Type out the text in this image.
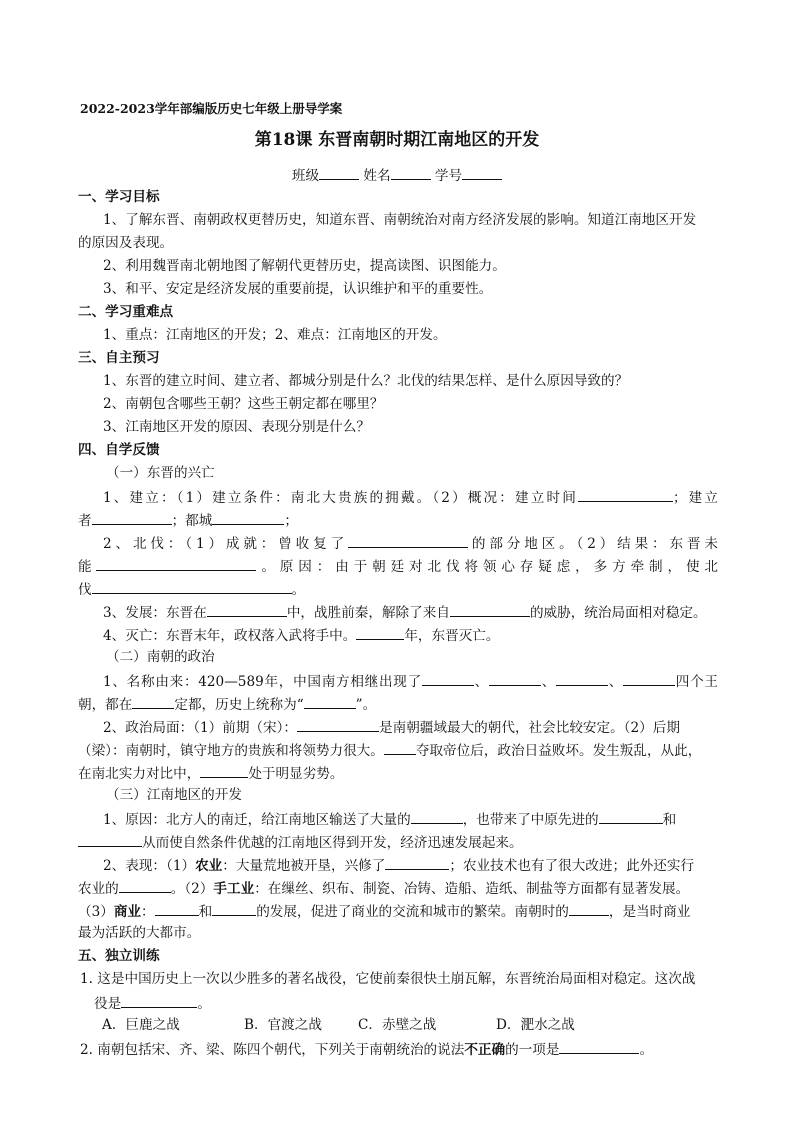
2022-2023学年部编版历史七年级上册导学案
第18课 东晋南朝时期江南地区的开发
班级	姓名	学号
一、学习目标
1、了解东晋、南朝政权更替历史，知道东晋、南朝统治对南方经济发展的影响。知道江南地区开发
的原因及表现。
2、利用魏晋南北朝地图了解朝代更替历史，提高读图、识图能力。
3、和平、安定是经济发展的重要前提，认识维护和平的重要性。
二、学习重难点
1、重点：江南地区的开发；2、难点：江南地区的开发。
三、自主预习
1、东晋的建立时间、建立者、都城分别是什么？北伐的结果怎样、是什么原因导致的？
2、南朝包含哪些王朝？这些王朝定都在哪里？
3、江南地区开发的原因、表现分别是什么？
四、自学反馈
（一）东晋的兴亡
1、建立：（1）建立条件：南北大贵族的拥戴。（2）概况：建立时间	；建立
者	；都城	；
2、北伐：（1）成就：曾收复了	的部分地区。（2）结果：东晋未
能	。原因：由于朝廷对北伐将领心存疑虑，多方牵制，使北
伐	。
3、发展：东晋在	中，战胜前秦，解除了来自	的威胁，统治局面相对稳定。
4、灭亡：东晋末年，政权落入武将手中。	年，东晋灭亡。
（二）南朝的政治
1、名称由来：420—589年，中国南方相继出现了	、	、	、	四个王
朝，都在	定都，历史上统称为“	”。
2、政治局面：（1）前期（宋）：	是南朝疆域最大的朝代，社会比较安定。（2）后期
（梁）：南朝时，镇守地方的贵族和将领势力很大。 夺取帝位后，政治日益败坏。发生叛乱，从此，
在南北实力对比中，	处于明显劣势。
（三）江南地区的开发
1、原因：北方人的南迁，给江南地区输送了大量的	，也带来了中原先进的	和
从而使自然条件优越的江南地区得到开发，经济迅速发展起来。
2、表现：（1）农业：大量荒地被开垦，兴修了	；农业技术也有了很大改进；此外还实行
农业的	。（2）手工业：在缫丝、织布、制瓷、冶铸、造船、造纸、制盐等方面都有显著发展。
（3）商业：	和	的发展，促进了商业的交流和城市的繁荣。南朝时的	，是当时商业
最为活跃的大都市。
五、独立训练
1. 这是中国历史上一次以少胜多的著名战役，它使前秦很快土崩瓦解，东晋统治局面相对稳定。这次战
役是	。
A．巨鹿之战	B．官渡之战	C．赤壁之战	D．淝水之战
2. 南朝包括宋、齐、梁、陈四个朝代，下列关于南朝统治的说法不正确的一项是	。
